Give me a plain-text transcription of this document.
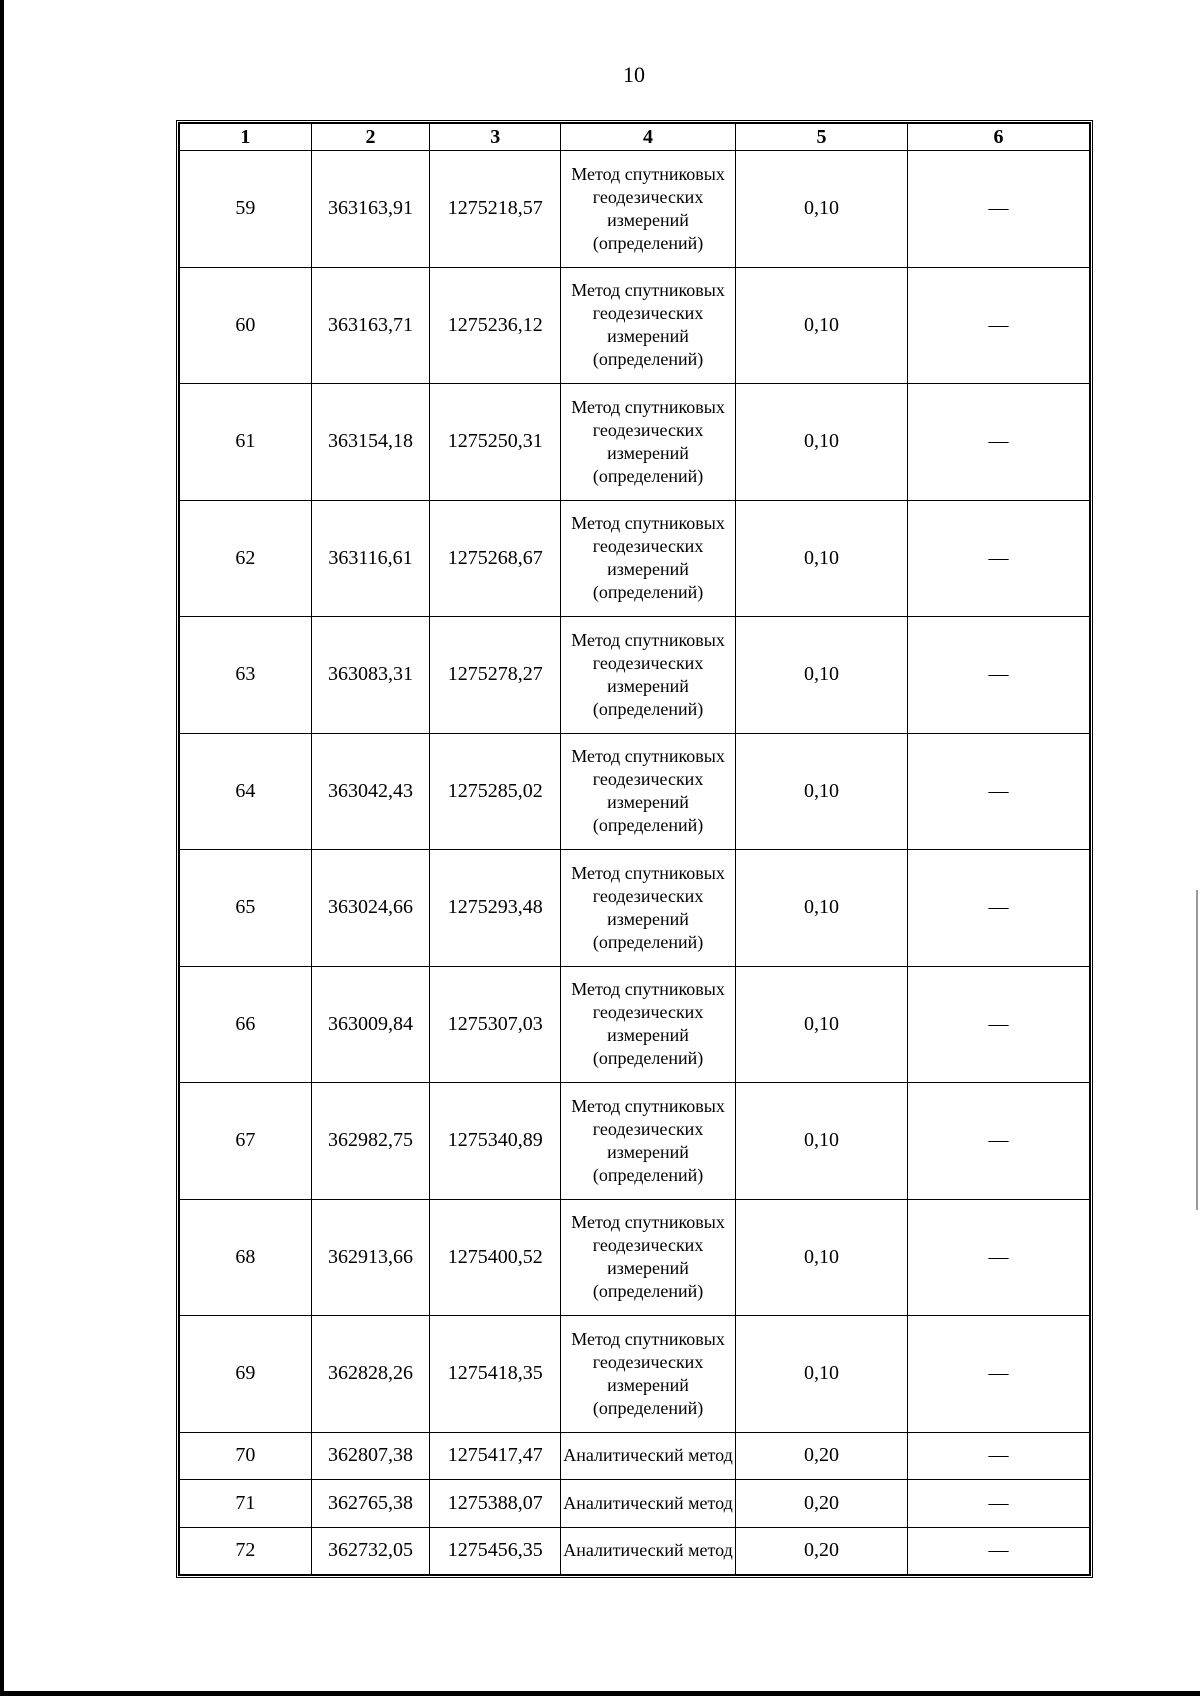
10
1	2	3	4	5	6
59	363163,91	1275218,57	Метод спутниковых геодезических измерений (определений)	0,10	—
60	363163,71	1275236,12	Метод спутниковых геодезических измерений (определений)	0,10	—
61	363154,18	1275250,31	Метод спутниковых геодезических измерений (определений)	0,10	—
62	363116,61	1275268,67	Метод спутниковых геодезических измерений (определений)	0,10	—
63	363083,31	1275278,27	Метод спутниковых геодезических измерений (определений)	0,10	—
64	363042,43	1275285,02	Метод спутниковых геодезических измерений (определений)	0,10	—
65	363024,66	1275293,48	Метод спутниковых геодезических измерений (определений)	0,10	—
66	363009,84	1275307,03	Метод спутниковых геодезических измерений (определений)	0,10	—
67	362982,75	1275340,89	Метод спутниковых геодезических измерений (определений)	0,10	—
68	362913,66	1275400,52	Метод спутниковых геодезических измерений (определений)	0,10	—
69	362828,26	1275418,35	Метод спутниковых геодезических измерений (определений)	0,10	—
70	362807,38	1275417,47	Аналитический метод	0,20	—
71	362765,38	1275388,07	Аналитический метод	0,20	—
72	362732,05	1275456,35	Аналитический метод	0,20	—
